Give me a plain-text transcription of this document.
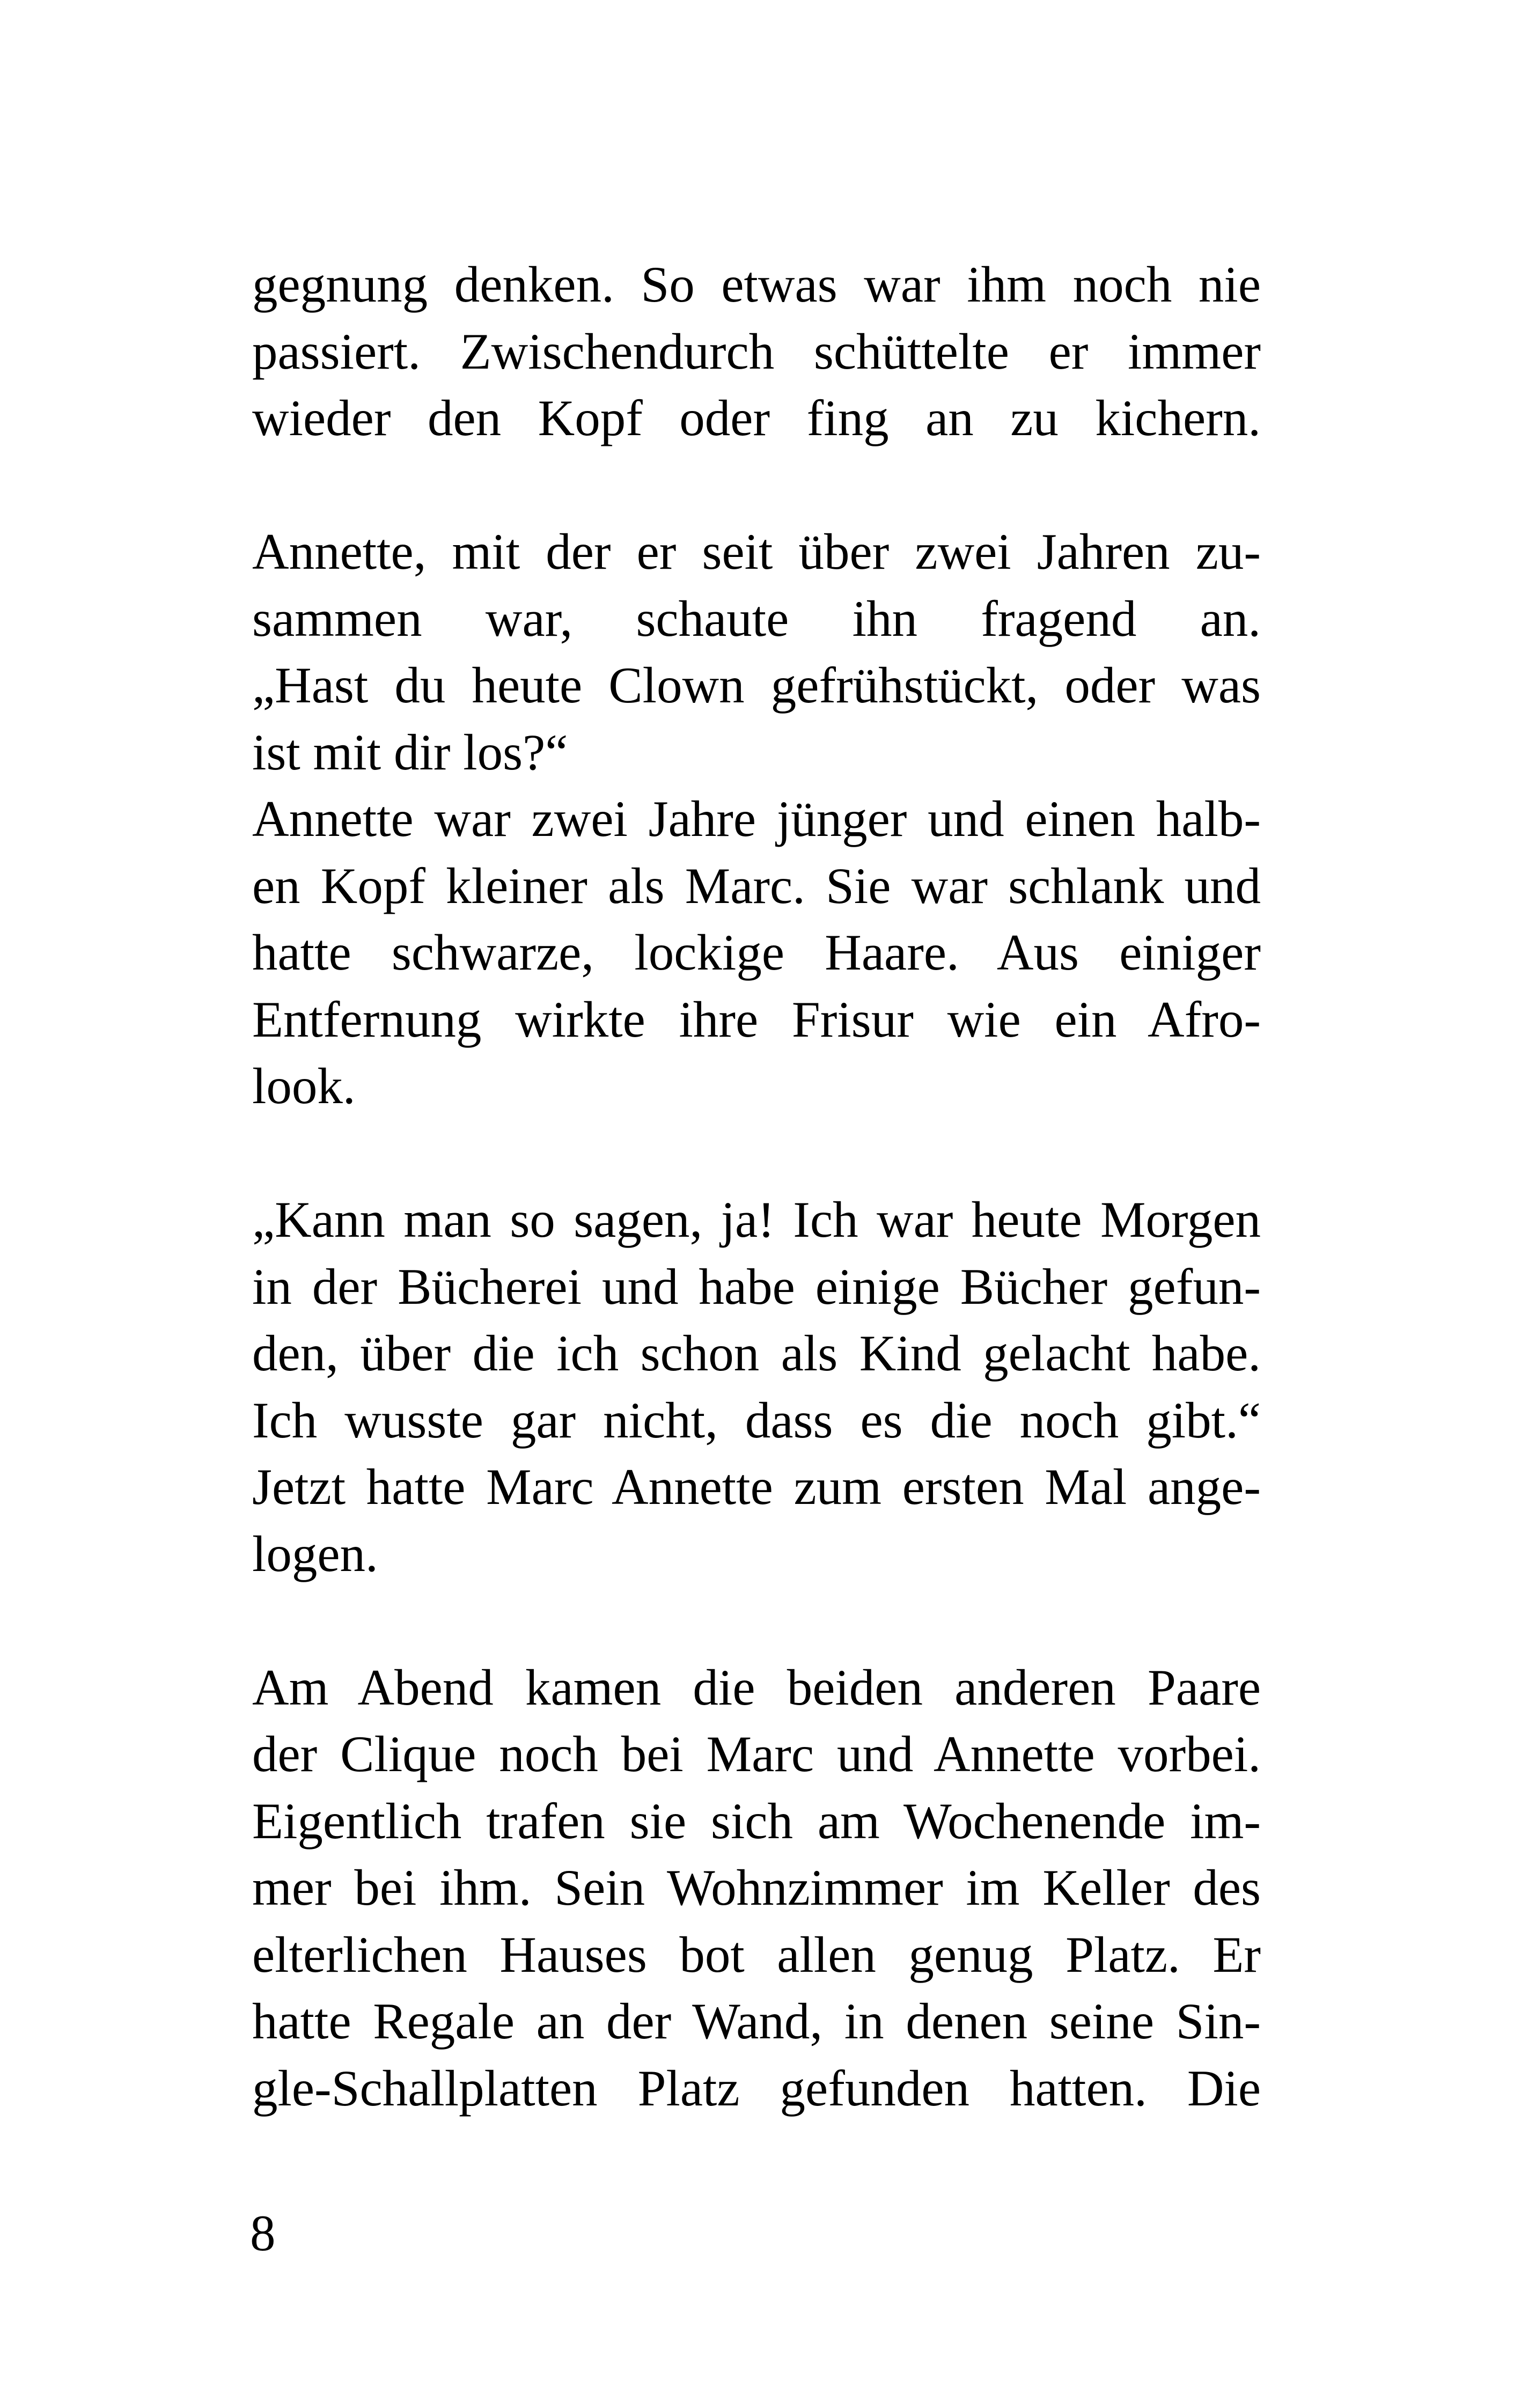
gegnung denken. So etwas war ihm noch nie
passiert. Zwischendurch schüttelte er immer
wieder den Kopf oder fing an zu kichern.
Annette, mit der er seit über zwei Jahren zu-
sammen war, schaute ihn fragend an.
„Hast du heute Clown gefrühstückt, oder was
ist mit dir los?“
Annette war zwei Jahre jünger und einen halb-
en Kopf kleiner als Marc. Sie war schlank und
hatte schwarze, lockige Haare. Aus einiger
Entfernung wirkte ihre Frisur wie ein Afro-
look.
„Kann man so sagen, ja! Ich war heute Morgen
in der Bücherei und habe einige Bücher gefun-
den, über die ich schon als Kind gelacht habe.
Ich wusste gar nicht, dass es die noch gibt.“
Jetzt hatte Marc Annette zum ersten Mal ange-
logen.
Am Abend kamen die beiden anderen Paare
der Clique noch bei Marc und Annette vorbei.
Eigentlich trafen sie sich am Wochenende im-
mer bei ihm. Sein Wohnzimmer im Keller des
elterlichen Hauses bot allen genug Platz. Er
hatte Regale an der Wand, in denen seine Sin-
gle-Schallplatten Platz gefunden hatten. Die
8
